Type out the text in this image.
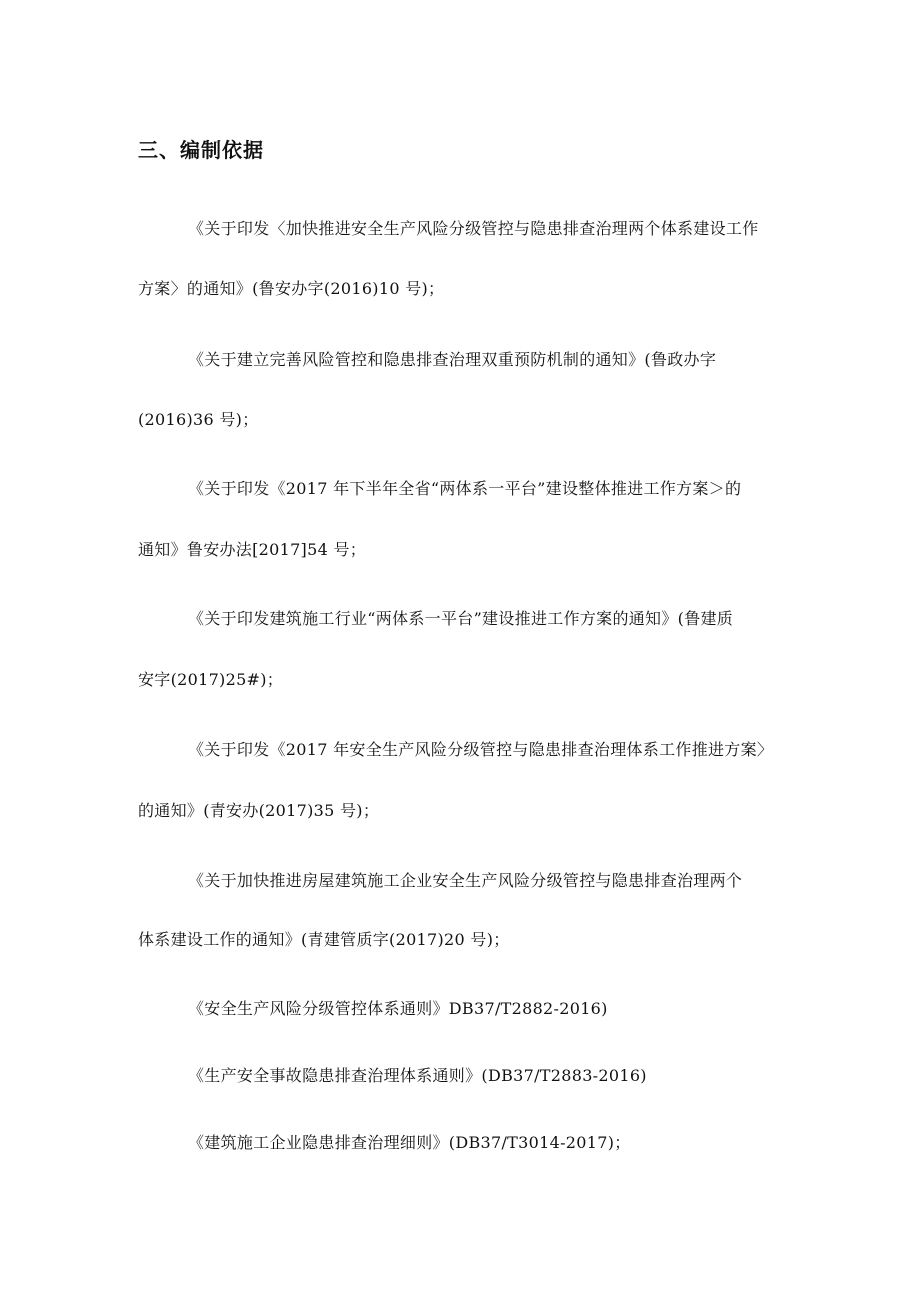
三、编制依据
《关于印发〈加快推进安全生产风险分级管控与隐患排查治理两个体系建设工作
方案〉的通知》(鲁安办字(2016)10 号)；
《关于建立完善风险管控和隐患排查治理双重预防机制的通知》(鲁政办字
(2016)36 号)；
《关于印发《2017 年下半年全省“两体系一平台”建设整体推进工作方案＞的
通知》鲁安办法[2017]54 号；
《关于印发建筑施工行业“两体系一平台”建设推进工作方案的通知》(鲁建质
安字(2017)25#)；
《关于印发《2017 年安全生产风险分级管控与隐患排查治理体系工作推进方案〉
的通知》(青安办(2017)35 号)；
《关于加快推进房屋建筑施工企业安全生产风险分级管控与隐患排查治理两个
体系建设工作的通知》(青建管质字(2017)20 号)；
《安全生产风险分级管控体系通则》DB37/T2882-2016)
《生产安全事故隐患排查治理体系通则》(DB37/T2883-2016)
《建筑施工企业隐患排查治理细则》(DB37/T3014-2017)；
